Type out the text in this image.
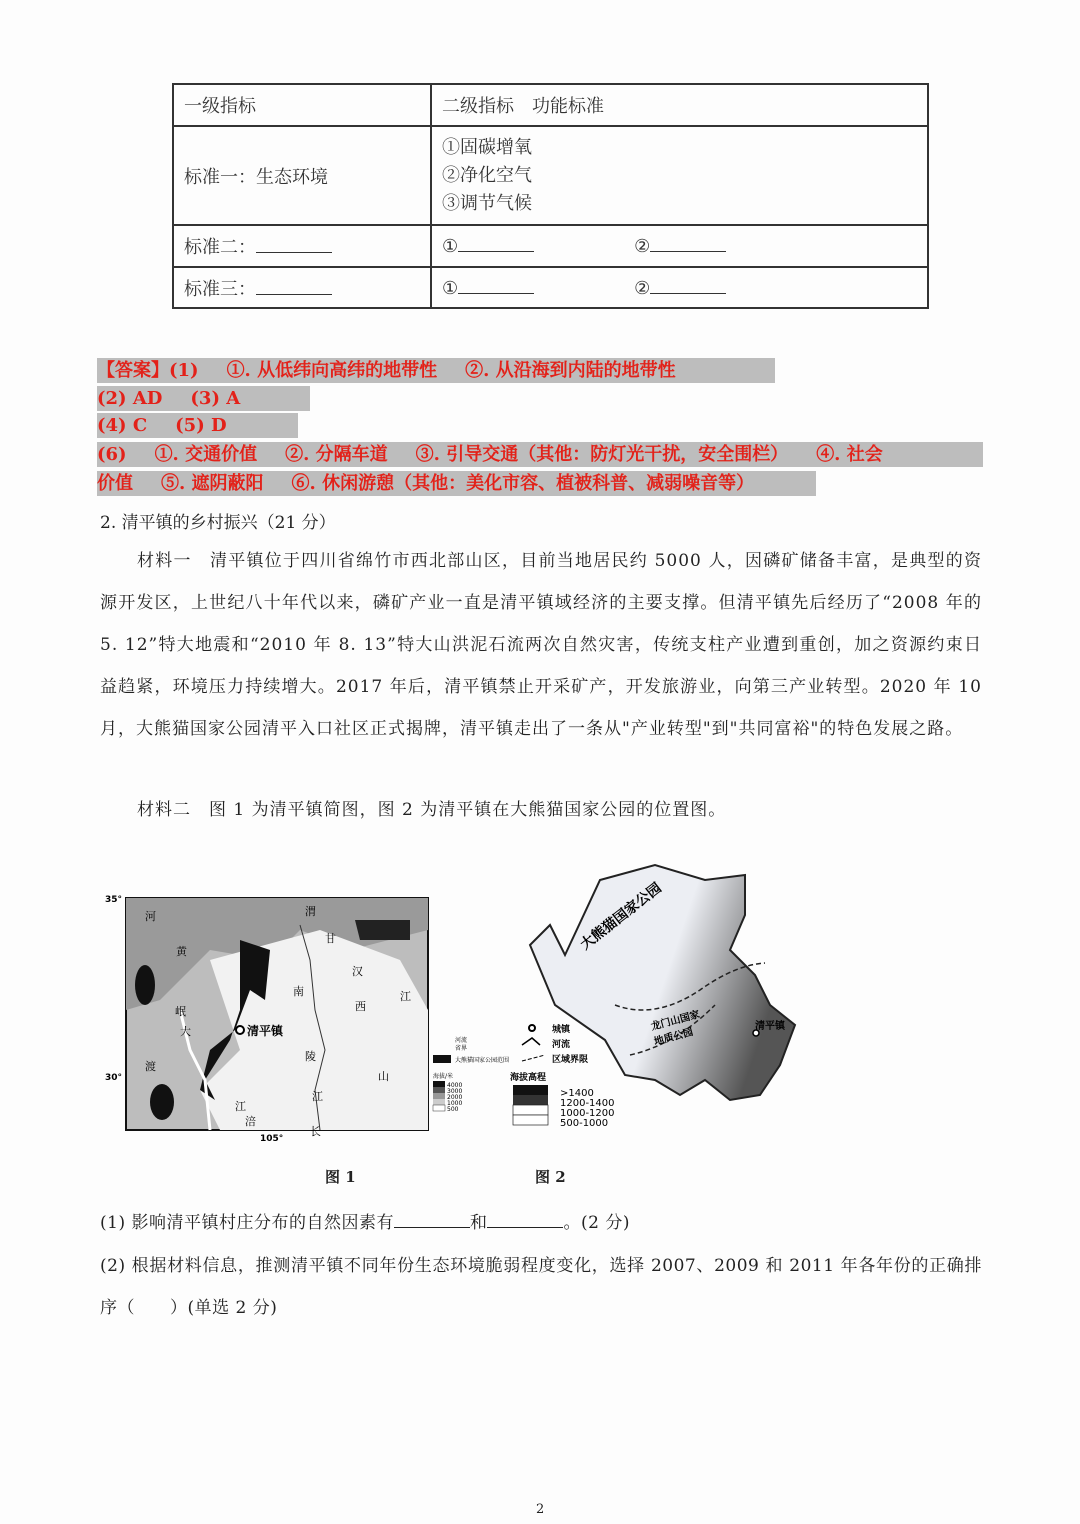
一级指标	二级指标　功能标准
标准一：生态环境	①固碳增氧
②净化空气
③调节气候

标准二：	① ②
标准三：	① ②
【答案】(1) ①. 从低纬向高纬的地带性 ②. 从沿海到内陆的地带性
(2) AD (3) A
(4) C (5) D
(6) ①. 交通价值 ②. 分隔车道 ③. 引导交通（其他：防灯光干扰，安全围栏） ④. 社会
价值 ⑤. 遮阴蔽阳 ⑥. 休闲游憩（其他：美化市容、植被科普、减弱噪音等）
2. 清平镇的乡村振兴（21 分）
材料一　清平镇位于四川省绵竹市西北部山区，目前当地居民约 5000 人，因磷矿储备丰富，是典型的资源开发区，上世纪八十年代以来，磷矿产业一直是清平镇域经济的主要支撑。但清平镇先后经历了“2008 年的 5. 12”特大地震和“2010 年 8. 13”特大山洪泥石流两次自然灾害，传统支柱产业遭到重创，加之资源约束日益趋紧，环境压力持续增大。2017 年后，清平镇禁止开采矿产，开发旅游业，向第三产业转型。2020 年 10 月，大熊猫国家公园清平入口社区正式揭牌，清平镇走出了一条从"产业转型"到"共同富裕"的特色发展之路。
材料二　图 1 为清平镇简图，图 2 为清平镇在大熊猫国家公园的位置图。
清平镇
35°
30°
105°
渭
河
黄
甘
汉
江
西
大
渡
南
陵
江
长
山
岷
江
涪
河流
省界
大熊猫国家公园范围
海拔/米
4000
3000
2000
1000
500
大熊猫国家公园
龙门山国家
地质公园
清平镇
城镇
河流
区域界限
海拔高程
>1400
1200-1400
1000-1200
500-1000
图 1	图 2
(1) 影响清平镇村庄分布的自然因素有	和	。(2 分)
(2) 根据材料信息，推测清平镇不同年份生态环境脆弱程度变化，选择 2007、2009 和 2011 年各年份的正确排序（　　）(单选 2 分)
2
